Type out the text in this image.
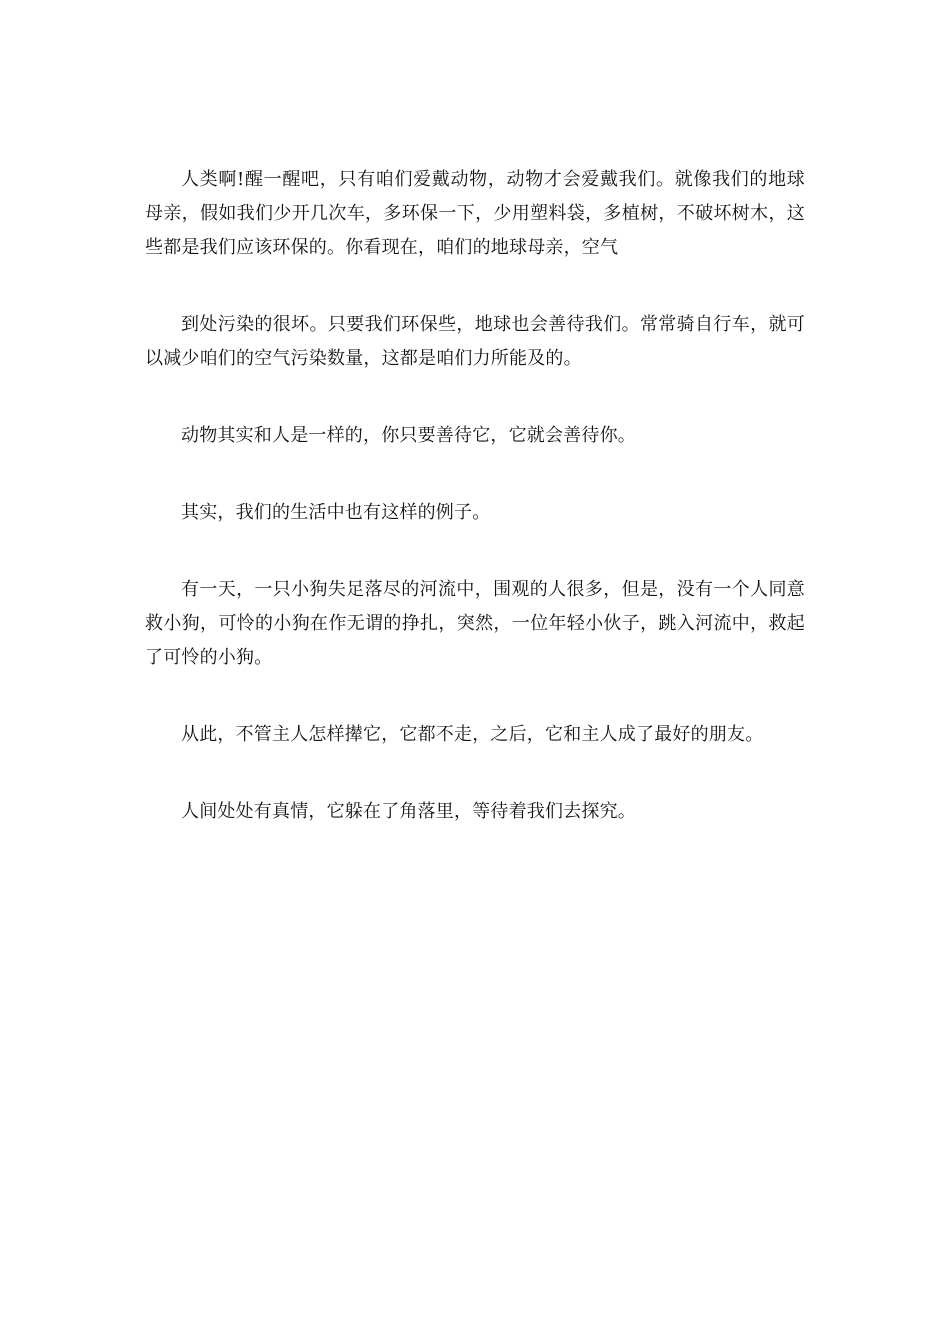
人类啊!醒一醒吧，只有咱们爱戴动物，动物才会爱戴我们。就像我们的地球母亲，假如我们少开几次车，多环保一下，少用塑料袋，多植树，不破坏树木，这些都是我们应该环保的。你看现在，咱们的地球母亲，空气

到处污染的很坏。只要我们环保些，地球也会善待我们。常常骑自行车，就可以减少咱们的空气污染数量，这都是咱们力所能及的。

动物其实和人是一样的，你只要善待它，它就会善待你。

其实，我们的生活中也有这样的例子。

有一天，一只小狗失足落尽的河流中，围观的人很多，但是，没有一个人同意救小狗，可怜的小狗在作无谓的挣扎，突然，一位年轻小伙子，跳入河流中，救起了可怜的小狗。

从此，不管主人怎样撵它，它都不走，之后，它和主人成了最好的朋友。

人间处处有真情，它躲在了角落里，等待着我们去探究。
